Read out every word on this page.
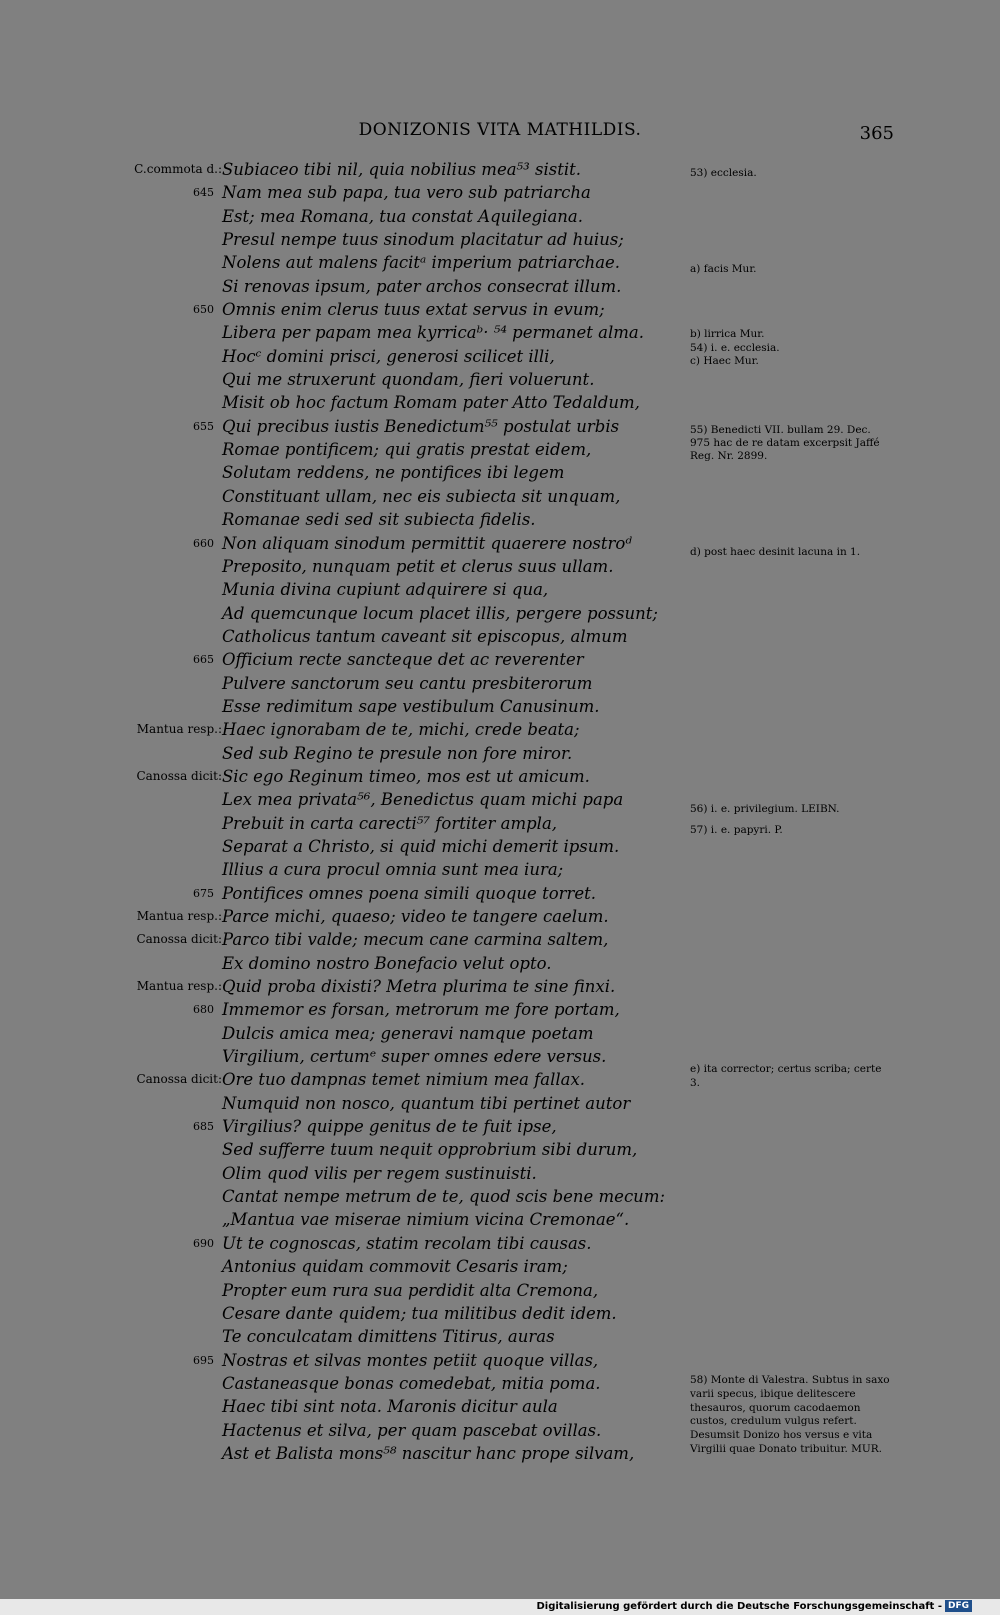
DONIZONIS VITA MATHILDIS.	365
C.commota d.: Subiaceo tibi nil, quia nobilius mea⁵³ sistit.
645 Nam mea sub papa, tua vero sub patriarcha
Est; mea Romana, tua constat Aquilegiana.
Presul nempe tuus sinodum placitatur ad huius;
Nolens aut malens facitᵃ imperium patriarchae.
Si renovas ipsum, pater archos consecrat illum.
650 Omnis enim clerus tuus extat servus in evum;
Libera per papam mea kyrricaᵇ· ⁵⁴ permanet alma.
Hocᶜ domini prisci, generosi scilicet illi,
Qui me struxerunt quondam, fieri voluerunt.
Misit ob hoc factum Romam pater Atto Tedaldum,
655 Qui precibus iustis Benedictum⁵⁵ postulat urbis
Romae pontificem; qui gratis prestat eidem,
Solutam reddens, ne pontifices ibi legem
Constituant ullam, nec eis subiecta sit unquam,
Romanae sedi sed sit subiecta fidelis.
660 Non aliquam sinodum permittit quaerere nostroᵈ
Preposito, nunquam petit et clerus suus ullam.
Munia divina cupiunt adquirere si qua,
Ad quemcunque locum placet illis, pergere possunt;
Catholicus tantum caveant sit episcopus, almum
665 Officium recte sancteque det ac reverenter
Pulvere sanctorum seu cantu presbiterorum
Esse redimitum sape vestibulum Canusinum.
Mantua resp.: Haec ignorabam de te, michi, crede beata;
Sed sub Regino te presule non fore miror.
Canossa dicit: Sic ego Reginum timeo, mos est ut amicum.
Lex mea privata⁵⁶, Benedictus quam michi papa
Prebuit in carta carecti⁵⁷ fortiter ampla,
Separat a Christo, si quid michi demerit ipsum.
Illius a cura procul omnia sunt mea iura;
675 Pontifices omnes poena simili quoque torret.
Mantua resp.: Parce michi, quaeso; video te tangere caelum.
Canossa dicit: Parco tibi valde; mecum cane carmina saltem,
Ex domino nostro Bonefacio velut opto.
Mantua resp.: Quid proba dixisti? Metra plurima te sine finxi.
680 Immemor es forsan, metrorum me fore portam,
Dulcis amica mea; generavi namque poetam
Virgilium, certumᵉ super omnes edere versus.
Canossa dicit: Ore tuo dampnas temet nimium mea fallax.
Numquid non nosco, quantum tibi pertinet autor
685 Virgilius? quippe genitus de te fuit ipse,
Sed sufferre tuum nequit opprobrium sibi durum,
Olim quod vilis per regem sustinuisti.
Cantat nempe metrum de te, quod scis bene mecum:
„Mantua vae miserae nimium vicina Cremonae“.
690 Ut te cognoscas, statim recolam tibi causas.
Antonius quidam commovit Cesaris iram;
Propter eum rura sua perdidit alta Cremona,
Cesare dante quidem; tua militibus dedit idem.
Te conculcatam dimittens Titirus, auras
695 Nostras et silvas montes petiit quoque villas,
Castaneasque bonas comedebat, mitia poma.
Haec tibi sint nota. Maronis dicitur aula
Hactenus et silva, per quam pascebat ovillas.
Ast et Balista mons⁵⁸ nascitur hanc prope silvam,
53) ecclesia.
a) facis Mur.
b) lirrica Mur.
54) i. e. ecclesia.
c) Haec Mur.
55) Benedicti VII. bullam 29. Dec. 975 hac de re datam excerpsit Jaffé Reg. Nr. 2899.
d) post haec desinit lacuna in 1.
56) i. e. privilegium. LEIBN.
57) i. e. papyri. P.
e) ita corrector; certus scriba; certe 3.
58) Monte di Valestra. Subtus in saxo varii specus, ibique delitescere thesauros, quorum cacodaemon custos, credulum vulgus refert. Desumsit Donizo hos versus e vita Virgilii quae Donato tribuitur. MUR.
Digitalisierung gefördert durch die Deutsche Forschungsgemeinschaft - DFG
